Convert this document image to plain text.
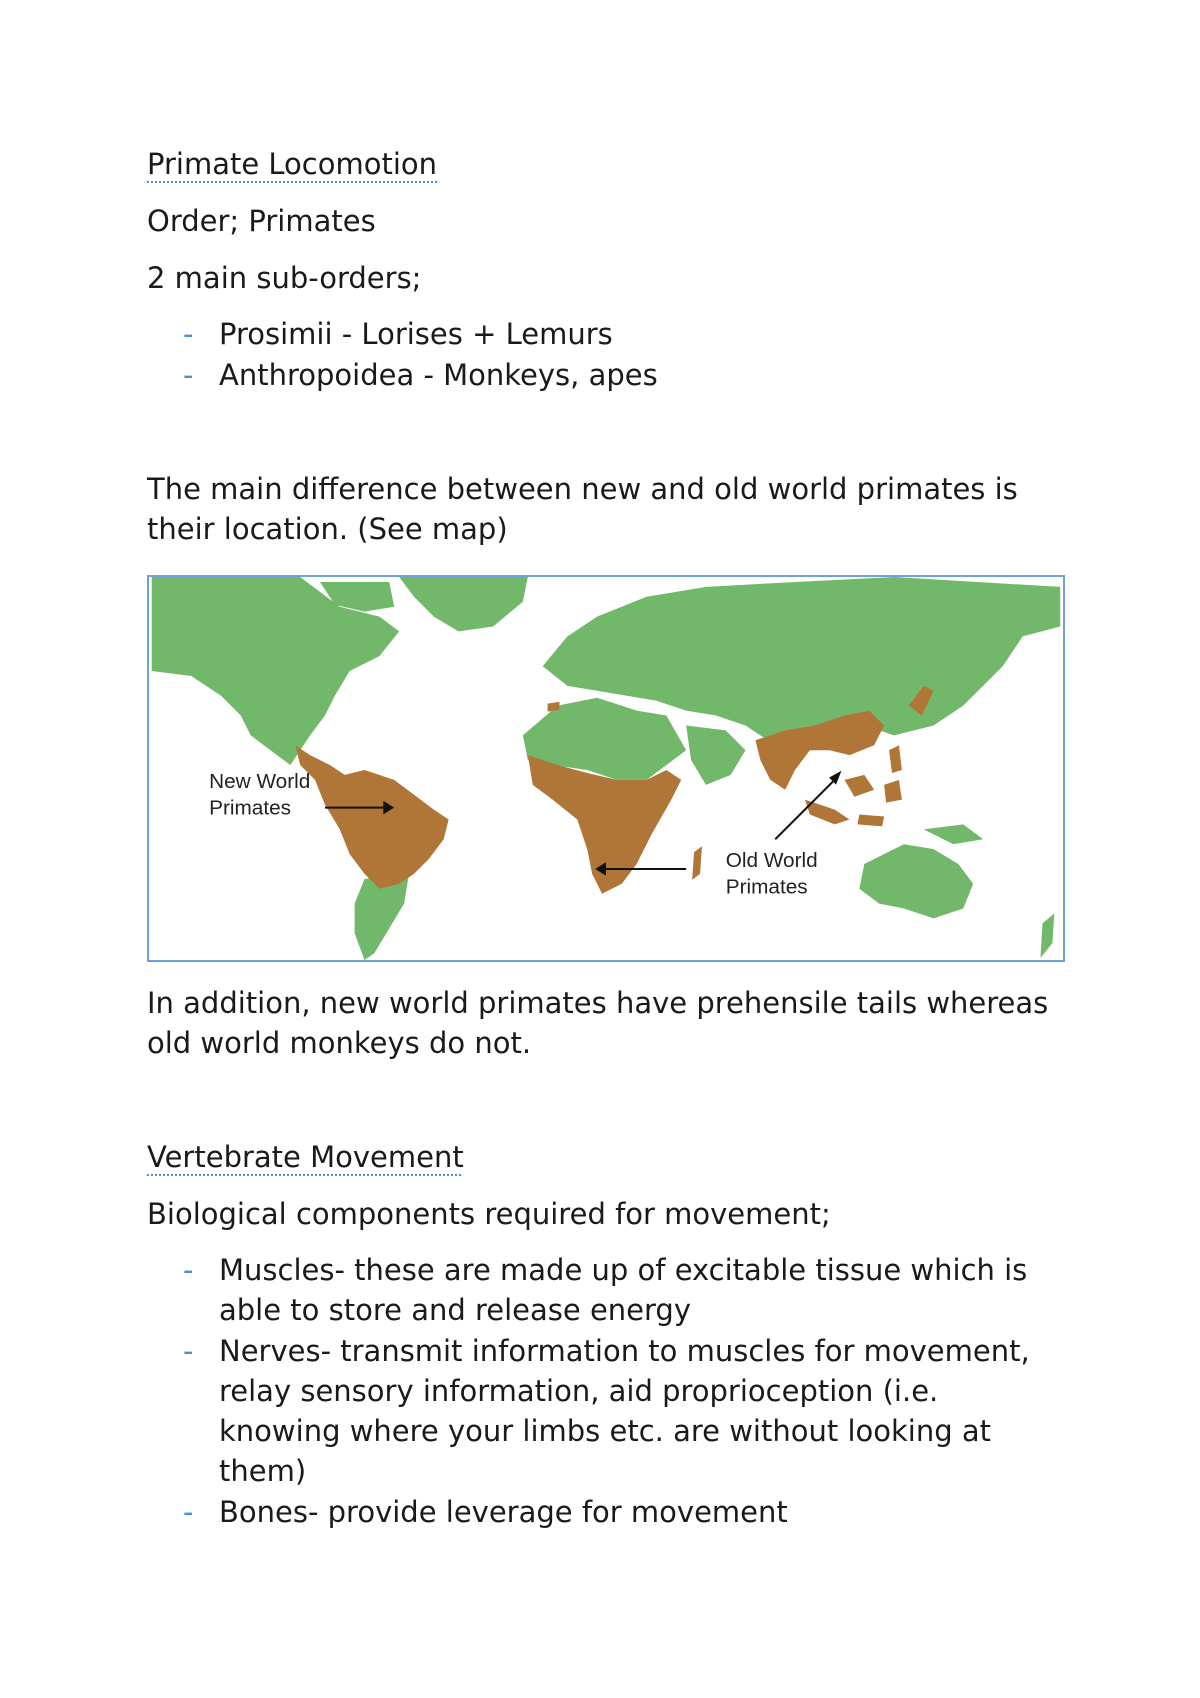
Primate Locomotion

Order; Primates

2 main sub-orders;

- Prosimii - Lorises + Lemurs

- Anthropoidea - Monkeys, apes

The main difference between new and old world primates is

their location. (See map)

New World
Primates
Old World
Primates

In addition, new world primates have prehensile tails whereas

old world monkeys do not.

Vertebrate Movement

Biological components required for movement;

- Muscles- these are made up of excitable tissue which is

able to store and release energy

- Nerves- transmit information to muscles for movement,

relay sensory information, aid proprioception (i.e.

knowing where your limbs etc. are without looking at

them)

- Bones- provide leverage for movement
